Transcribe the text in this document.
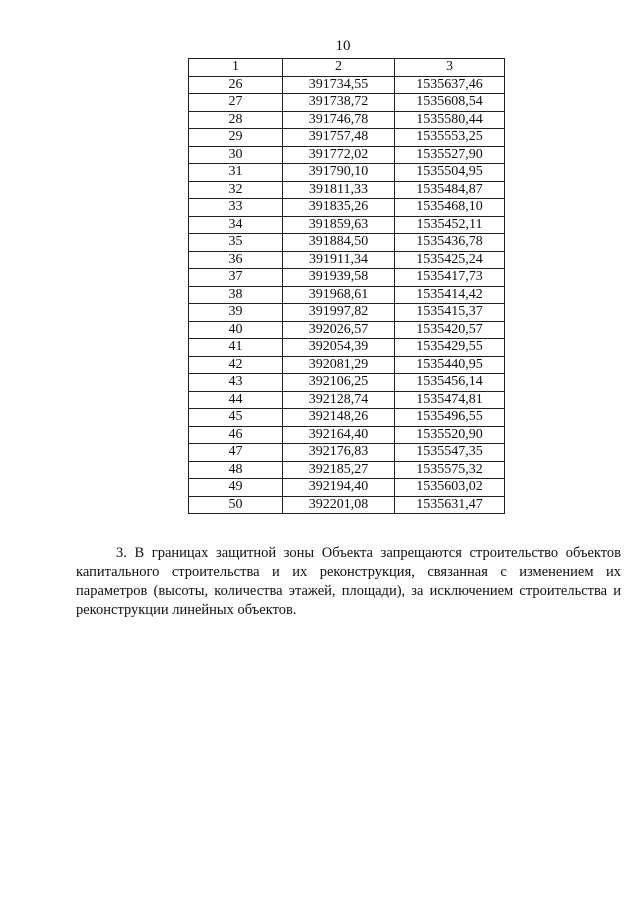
10
1	2	3
26	391734,55	1535637,46
27	391738,72	1535608,54
28	391746,78	1535580,44
29	391757,48	1535553,25
30	391772,02	1535527,90
31	391790,10	1535504,95
32	391811,33	1535484,87
33	391835,26	1535468,10
34	391859,63	1535452,11
35	391884,50	1535436,78
36	391911,34	1535425,24
37	391939,58	1535417,73
38	391968,61	1535414,42
39	391997,82	1535415,37
40	392026,57	1535420,57
41	392054,39	1535429,55
42	392081,29	1535440,95
43	392106,25	1535456,14
44	392128,74	1535474,81
45	392148,26	1535496,55
46	392164,40	1535520,90
47	392176,83	1535547,35
48	392185,27	1535575,32
49	392194,40	1535603,02
50	392201,08	1535631,47
3. В границах защитной зоны Объекта запрещаются строительство объектов капитального строительства и их реконструкция, связанная с изменением их параметров (высоты, количества этажей, площади), за исключением строительства и реконструкции линейных объектов.
